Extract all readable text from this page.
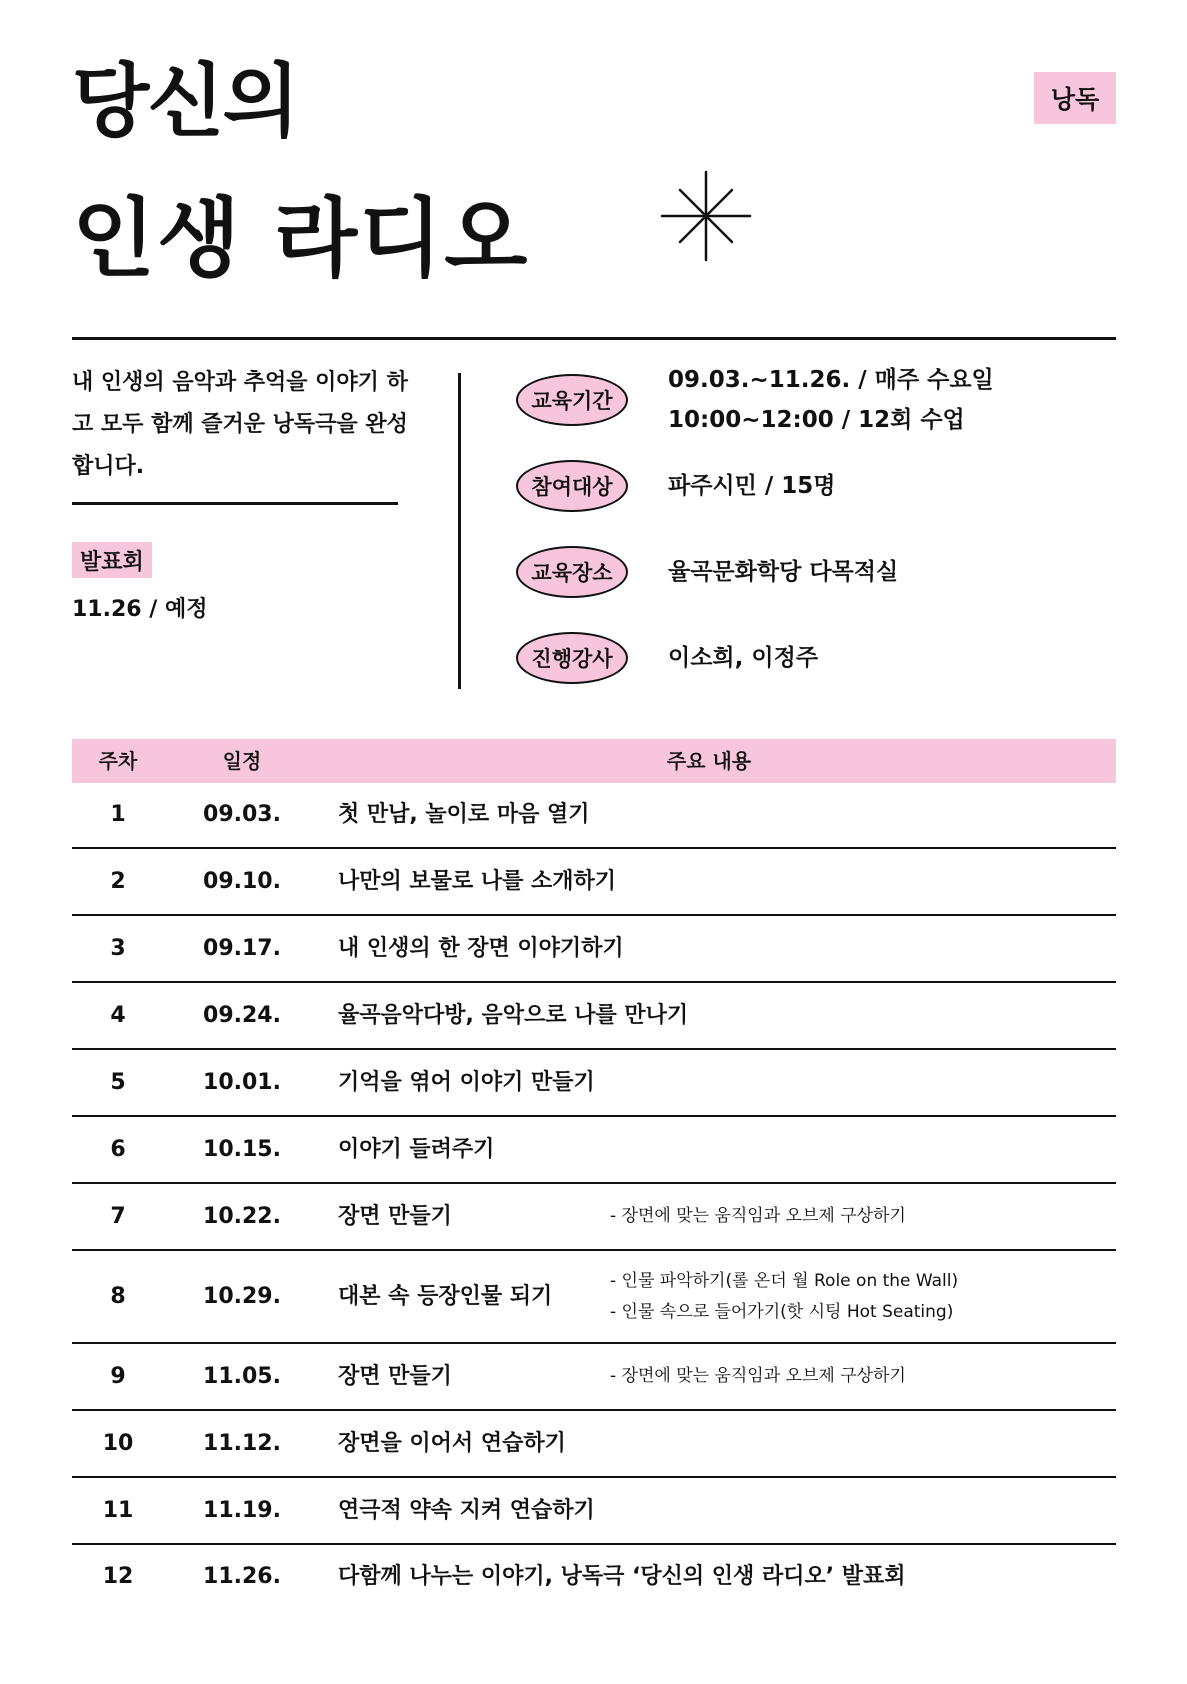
당신의
인생 라디오
낭독
내 인생의 음악과 추억을 이야기 하고 모두 함께 즐거운 낭독극을 완성합니다.
발표회
11.26 / 예정
교육기간
09.03.~11.26. / 매주 수요일
10:00~12:00 / 12회 수업
참여대상	파주시민 / 15명
교육장소	율곡문화학당 다목적실
진행강사	이소희, 이정주
주차	일정	주요 내용
1	09.03.	첫 만남, 놀이로 마음 열기
2	09.10.	나만의 보물로 나를 소개하기
3	09.17.	내 인생의 한 장면 이야기하기
4	09.24.	율곡음악다방, 음악으로 나를 만나기
5	10.01.	기억을 엮어 이야기 만들기
6	10.15.	이야기 들려주기
7	10.22.	장면 만들기	- 장면에 맞는 움직임과 오브제 구상하기
8	10.29.	대본 속 등장인물 되기
- 인물 파악하기(롤 온더 월 Role on the Wall)
- 인물 속으로 들어가기(핫 시팅 Hot Seating)
9	11.05.	장면 만들기	- 장면에 맞는 움직임과 오브제 구상하기
10	11.12.	장면을 이어서 연습하기
11	11.19.	연극적 약속 지켜 연습하기
12	11.26.	다함께 나누는 이야기, 낭독극 ‘당신의 인생 라디오’ 발표회
